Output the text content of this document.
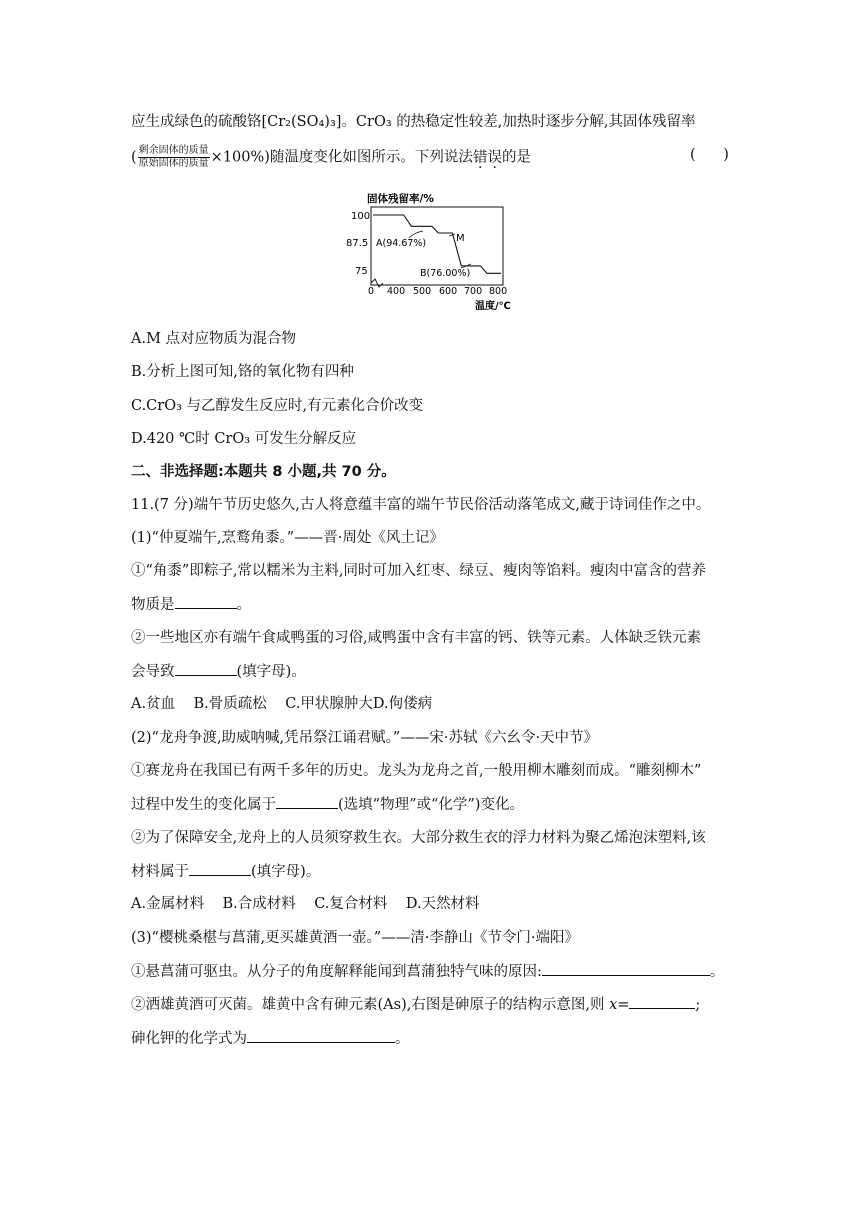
应生成绿色的硫酸铬[Cr₂(SO₄)₃]。CrO₃ 的热稳定性较差,加热时逐步分解,其固体残留率
( $\frac{\text{剩余固体的质量}}{\text{原始固体的质量}} \times 100\%$)随温度变化如图所示。下列说法错误的是	(      )
固体残留率/%
100
87.5
75
0 400 500 600 700 800
温度/℃
A(94.67%)	M
B(76.00%)
A.M 点对应物质为混合物
B.分析上图可知,铬的氧化物有四种
C.CrO₃ 与乙醇发生反应时,有元素化合价改变
D.420 ℃时 CrO₃ 可发生分解反应
二、非选择题:本题共 8 小题,共 70 分。
11.(7 分)端午节历史悠久,古人将意蕴丰富的端午节民俗活动落笔成文,藏于诗词佳作之中。
(1)“仲夏端午,烹鹜角黍。”——晋·周处《风土记》
①“角黍”即粽子,常以糯米为主料,同时可加入红枣、绿豆、瘦肉等馅料。瘦肉中富含的营养
物质是	。
②一些地区亦有端午食咸鸭蛋的习俗,咸鸭蛋中含有丰富的钙、铁等元素。人体缺乏铁元素
会导致	(填字母)。
A.贫血    B.骨质疏松    C.甲状腺肿大D.佝偻病
(2)“龙舟争渡,助威呐喊,凭吊祭江诵君赋。”——宋·苏轼《六幺令·天中节》
①赛龙舟在我国已有两千多年的历史。龙头为龙舟之首,一般用柳木雕刻而成。“雕刻柳木”
过程中发生的变化属于	(选填“物理”或“化学”)变化。
②为了保障安全,龙舟上的人员须穿救生衣。大部分救生衣的浮力材料为聚乙烯泡沫塑料,该
材料属于	(填字母)。
A.金属材料    B.合成材料    C.复合材料    D.天然材料
(3)“樱桃桑椹与菖蒲,更买雄黄酒一壶。”——清·李静山《节令门·端阳》
①悬菖蒲可驱虫。从分子的角度解释能闻到菖蒲独特气味的原因:	。
②洒雄黄酒可灭菌。雄黄中含有砷元素(As),右图是砷原子的结构示意图,则 x=	;
砷化钾的化学式为	。
